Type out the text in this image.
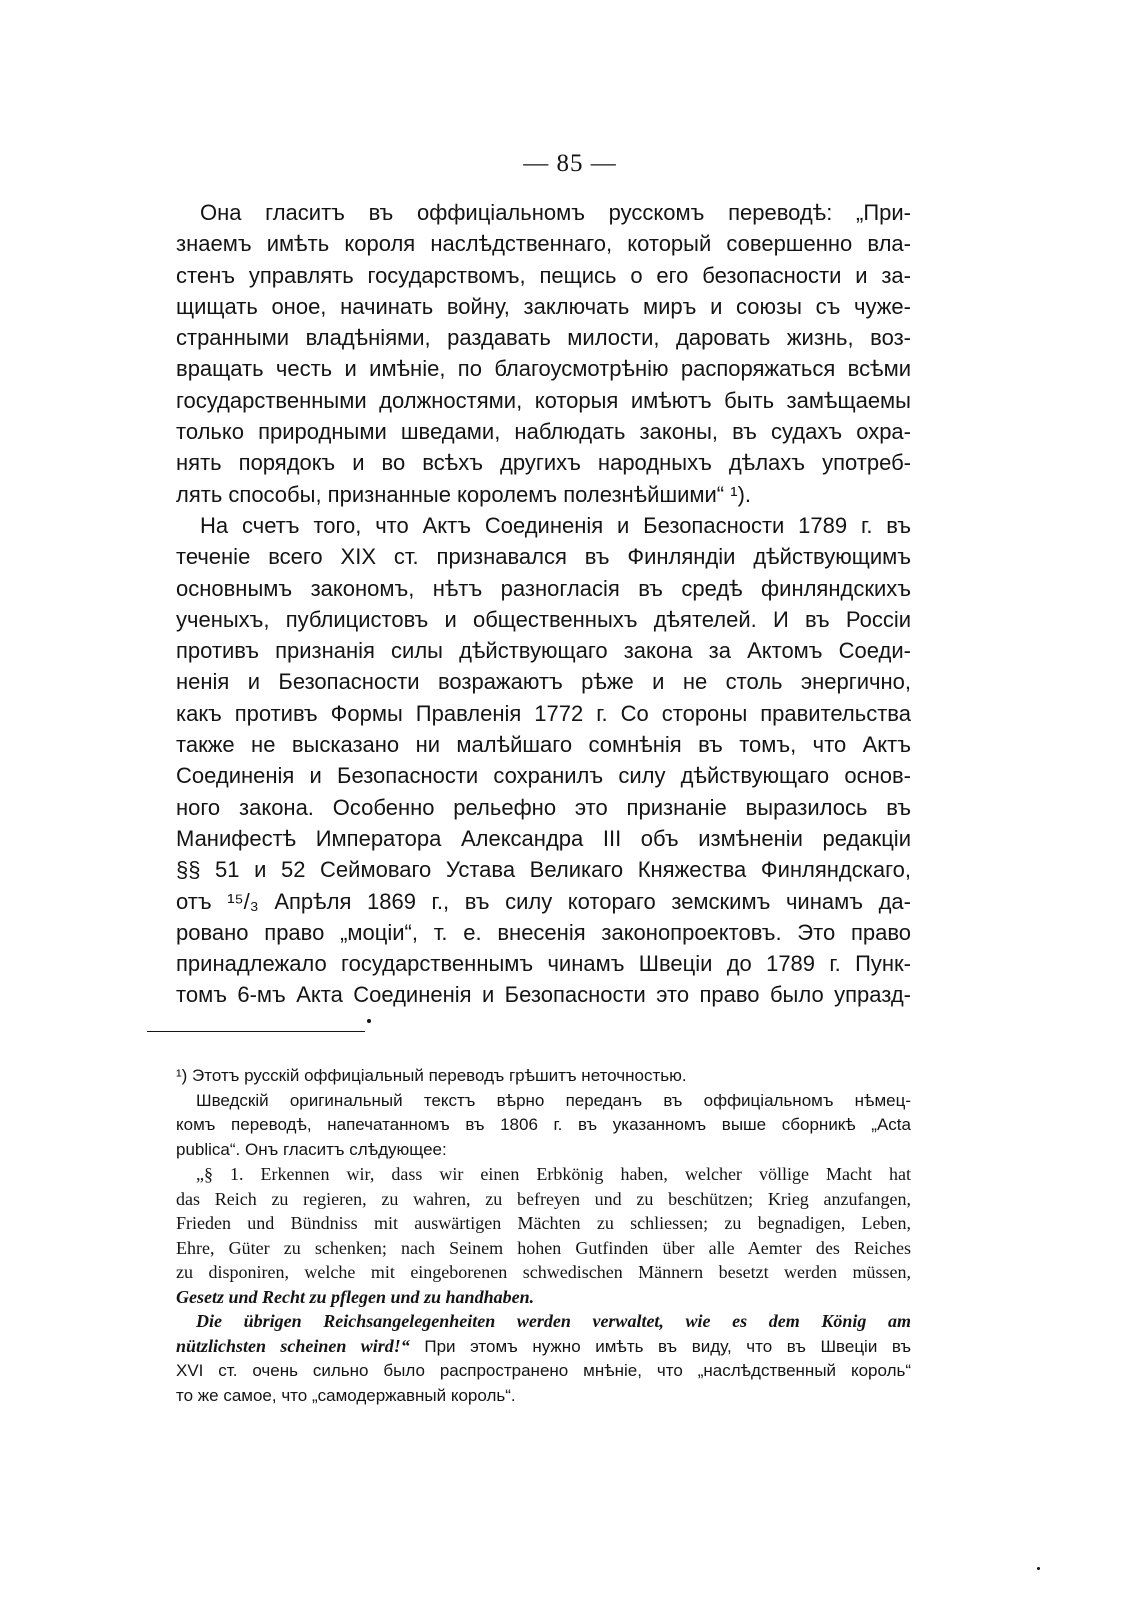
— 85 —
Она гласитъ въ оффиціальномъ русскомъ переводѣ: „При-
знаемъ имѣть короля наслѣдственнаго, который совершенно вла-
стенъ управлять государствомъ, пещись о его безопасности и за-
щищать оное, начинать войну, заключать миръ и союзы съ чуже-
странными владѣніями, раздавать милости, даровать жизнь, воз-
вращать честь и имѣніе, по благоусмотрѣнію распоряжаться всѣми
государственными должностями, которыя имѣютъ быть замѣщаемы
только природными шведами, наблюдать законы, въ судахъ охра-
нять порядокъ и во всѣхъ другихъ народныхъ дѣлахъ употреб-
лять способы, признанные королемъ полезнѣйшими“ ¹).
На счетъ того, что Актъ Соединенія и Безопасности 1789 г. въ
теченіе всего XIX ст. признавался въ Финляндіи дѣйствующимъ
основнымъ закономъ, нѣтъ разногласія въ средѣ финляндскихъ
ученыхъ, публицистовъ и общественныхъ дѣятелей. И въ Россіи
противъ признанія силы дѣйствующаго закона за Актомъ Соеди-
ненія и Безопасности возражаютъ рѣже и не столь энергично,
какъ противъ Формы Правленія 1772 г. Со стороны правительства
также не высказано ни малѣйшаго сомнѣнія въ томъ, что Актъ
Соединенія и Безопасности сохранилъ силу дѣйствующаго основ-
ного закона. Особенно рельефно это признаніе выразилось въ
Манифестѣ Императора Александра III объ измѣненіи редакціи
§§ 51 и 52 Сеймоваго Устава Великаго Княжества Финляндскаго,
отъ ¹⁵/₃ Апрѣля 1869 г., въ силу котораго земскимъ чинамъ да-
ровано право „моціи“, т. е. внесенія законопроектовъ. Это право
принадлежало государственнымъ чинамъ Швеціи до 1789 г. Пунк-
томъ 6-мъ Акта Соединенія и Безопасности это право было упразд-
¹) Этотъ русскій оффиціальный переводъ грѣшитъ неточностью.
Шведскій оригинальный текстъ вѣрно переданъ въ оффиціальномъ нѣмец-
комъ переводѣ, напечатанномъ въ 1806 г. въ указанномъ выше сборникѣ „Acta
publica“. Онъ гласитъ слѣдующее:
„§ 1. Erkennen wir, dass wir einen Erbkönig haben, welcher völlige Macht hat
das Reich zu regieren, zu wahren, zu befreyen und zu beschützen; Krieg anzufangen,
Frieden und Bündniss mit auswärtigen Mächten zu schliessen; zu begnadigen, Leben,
Ehre, Güter zu schenken; nach Seinem hohen Gutfinden über alle Aemter des Reiches
zu disponiren, welche mit eingeborenen schwedischen Männern besetzt werden müssen,
Gesetz und Recht zu pflegen und zu handhaben.
Die übrigen Reichsangelegenheiten werden verwaltet, wie es dem König am
nützlichsten scheinen wird!“ При этомъ нужно имѣть въ виду, что въ Швеціи въ
XVI ст. очень сильно было распространено мнѣніе, что „наслѣдственный король“
то же самое, что „самодержавный король“.
